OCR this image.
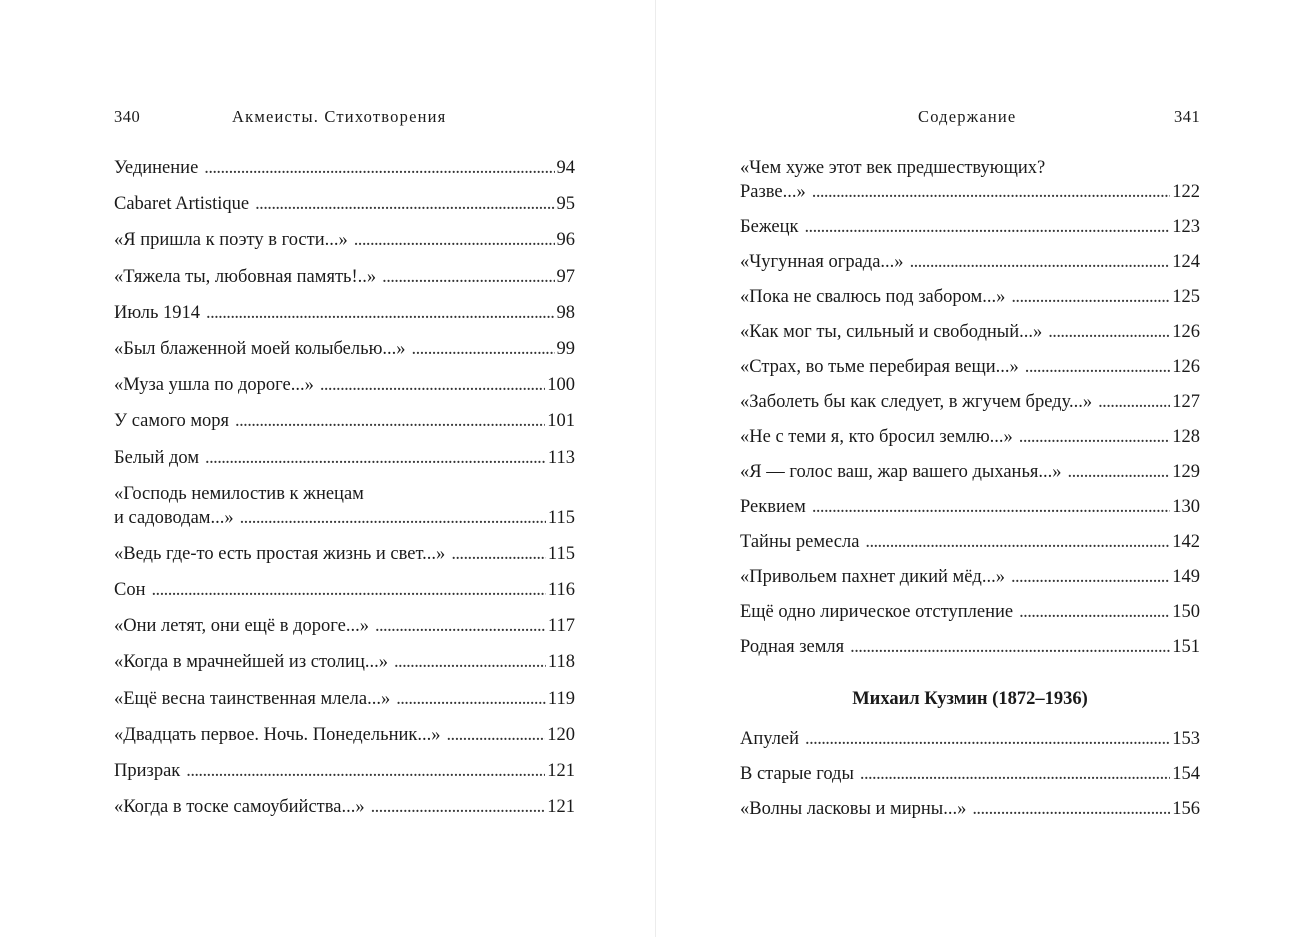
340	Акмеисты. Стихотворения
Уединение . . .	94
Cabaret Artistique . . .	95
«Я пришла к поэту в гости...» . . .	96
«Тяжела ты, любовная память!..» . . .	97
Июль 1914 . . .	98
«Был блаженной моей колыбелью...» . . .	99
«Муза ушла по дороге...» . . .	100
У самого моря . . .	101
Белый дом . . .	113
«Господь немилостив к жнецам
и садоводам...» . . .	115
«Ведь где-то есть простая жизнь и свет...» . . .	115
Сон . . .	116
«Они летят, они ещё в дороге...» . . .	117
«Когда в мрачнейшей из столиц...» . . .	118
«Ещё весна таинственная млела...» . . .	119
«Двадцать первое. Ночь. Понедельник...» . . .	120
Призрак . . .	121
«Когда в тоске самоубийства...» . . .	121
Содержание	341
«Чем хуже этот век предшествующих?
Разве...» . . .	122
Бежецк . . .	123
«Чугунная ограда...» . . .	124
«Пока не свалюсь под забором...» . . .	125
«Как мог ты, сильный и свободный...» . . .	126
«Страх, во тьме перебирая вещи...» . . .	126
«Заболеть бы как следует, в жгучем бреду...» . . .	127
«Не с теми я, кто бросил землю...» . . .	128
«Я — голос ваш, жар вашего дыханья...» . . .	129
Реквием . . .	130
Тайны ремесла . . .	142
«Привольем пахнет дикий мёд...» . . .	149
Ещё одно лирическое отступление . . .	150
Родная земля . . .	151
Михаил Кузмин (1872–1936)
Апулей . . .	153
В старые годы . . .	154
«Волны ласковы и мирны...» . . .	156
